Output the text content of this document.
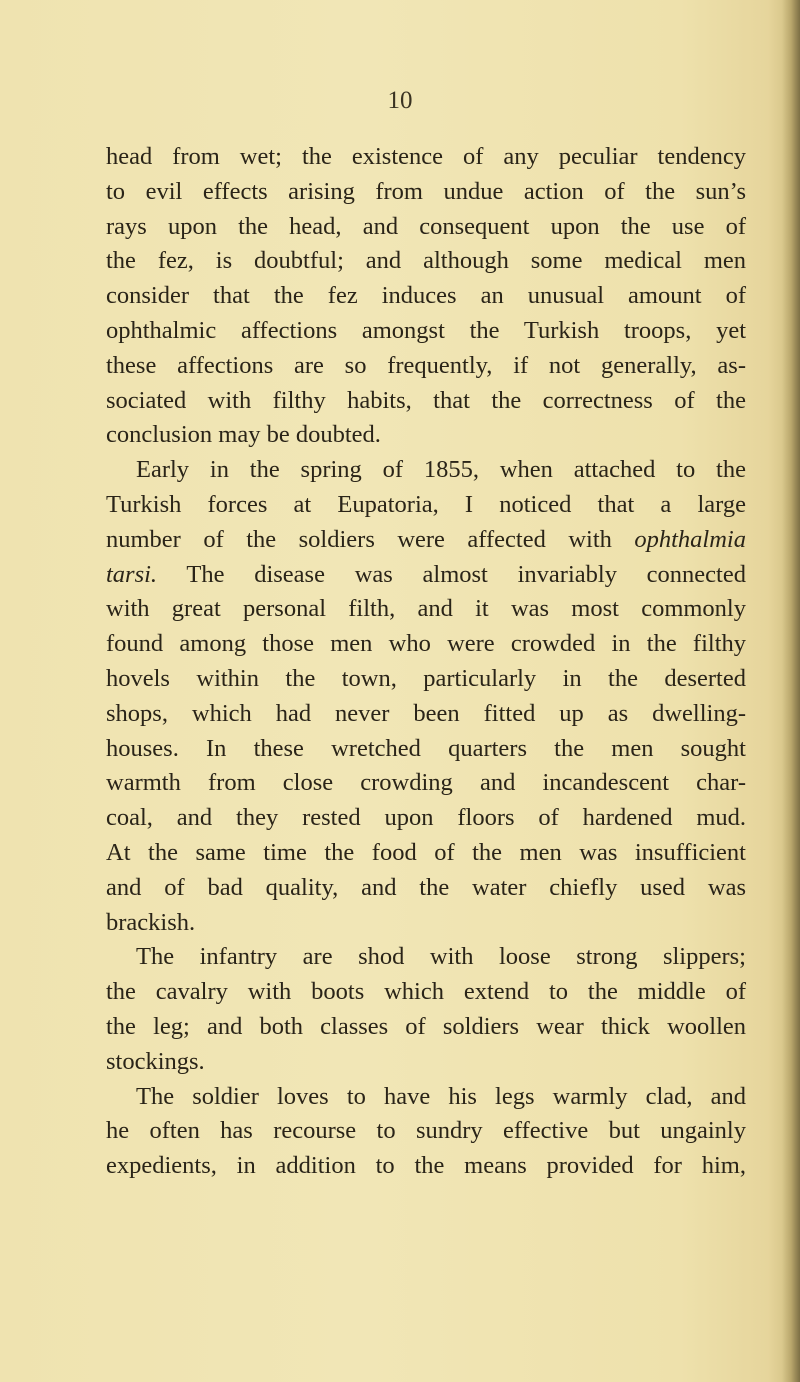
10
head from wet; the existence of any peculiar tendency
to evil effects arising from undue action of the sun’s
rays upon the head, and consequent upon the use of
the fez, is doubtful; and although some medical men
consider that the fez induces an unusual amount of
ophthalmic affections amongst the Turkish troops, yet
these affections are so frequently, if not generally, as-
sociated with filthy habits, that the correctness of the
conclusion may be doubted.
Early in the spring of 1855, when attached to the
Turkish forces at Eupatoria, I noticed that a large
number of the soldiers were affected with ophthalmia
tarsi. The disease was almost invariably connected
with great personal filth, and it was most commonly
found among those men who were crowded in the filthy
hovels within the town, particularly in the deserted
shops, which had never been fitted up as dwelling-
houses. In these wretched quarters the men sought
warmth from close crowding and incandescent char-
coal, and they rested upon floors of hardened mud.
At the same time the food of the men was insufficient
and of bad quality, and the water chiefly used was
brackish.
The infantry are shod with loose strong slippers;
the cavalry with boots which extend to the middle of
the leg; and both classes of soldiers wear thick woollen
stockings.
The soldier loves to have his legs warmly clad, and
he often has recourse to sundry effective but ungainly
expedients, in addition to the means provided for him,
